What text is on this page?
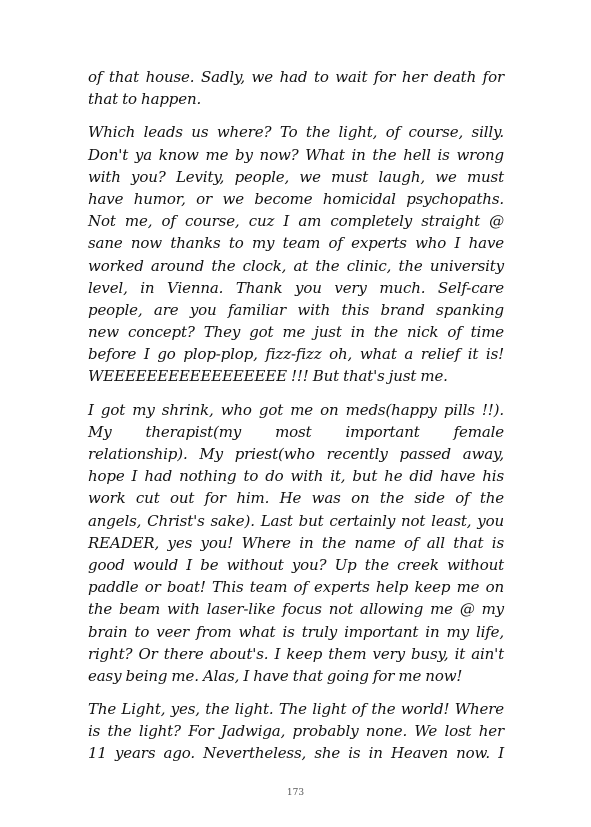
of that house. Sadly, we had to wait for her death for
that to happen.
Which leads us where? To the light, of course, silly.
Don't ya know me by now? What in the hell is wrong
with you? Levity, people, we must laugh, we must
have humor, or we become homicidal psychopaths.
Not me, of course, cuz I am completely straight @
sane now thanks to my team of experts who I have
worked around the clock, at the clinic, the university
level, in Vienna. Thank you very much. Self-care
people, are you familiar with this brand spanking
new concept? They got me just in the nick of time
before I go plop-plop, fizz-fizz oh, what a relief it is!
WEEEEEEEEEEEEEEEEE !!! But that's just me.
I got my shrink, who got me on meds(happy pills !!).
My therapist(my most important female
relationship). My priest(who recently passed away,
hope I had nothing to do with it, but he did have his
work cut out for him. He was on the side of the
angels, Christ's sake). Last but certainly not least, you
READER, yes you! Where in the name of all that is
good would I be without you? Up the creek without
paddle or boat! This team of experts help keep me on
the beam with laser-like focus not allowing me @ my
brain to veer from what is truly important in my life,
right? Or there about's. I keep them very busy, it ain't
easy being me. Alas, I have that going for me now!
The Light, yes, the light. The light of the world! Where
is the light? For Jadwiga, probably none. We lost her
11 years ago. Nevertheless, she is in Heaven now. I
173
